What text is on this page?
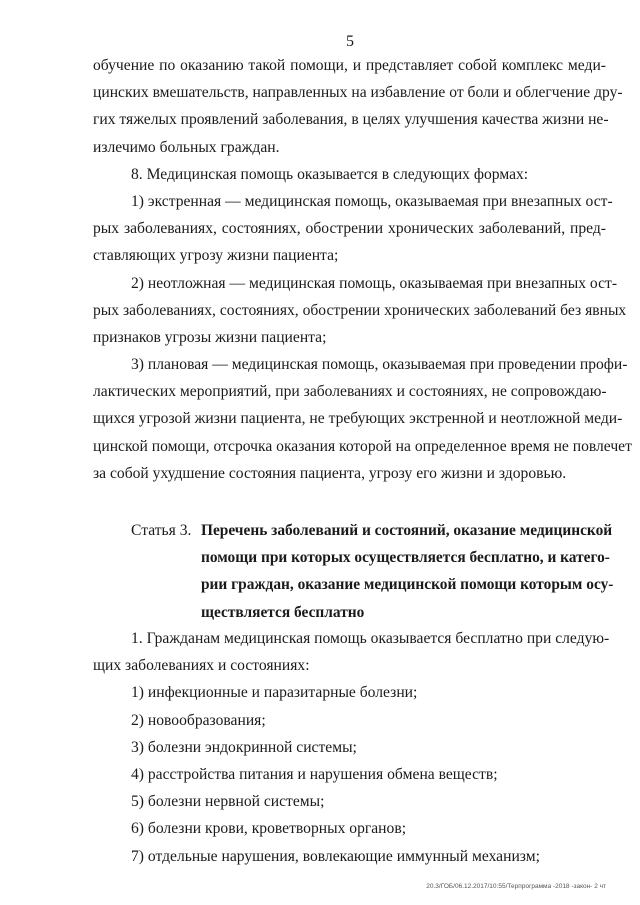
5
обучение по оказанию такой помощи, и представляет собой комплекс меди-
цинских вмешательств, направленных на избавление от боли и облегчение дру-
гих тяжелых проявлений заболевания, в целях улучшения качества жизни не-
излечимо больных граждан.
8. Медицинская помощь оказывается в следующих формах:
1) экстренная — медицинская помощь, оказываемая при внезапных ост-
рых заболеваниях, состояниях, обострении хронических заболеваний, пред-
ставляющих угрозу жизни пациента;
2) неотложная — медицинская помощь, оказываемая при внезапных ост-
рых заболеваниях, состояниях, обострении хронических заболеваний без явных
признаков угрозы жизни пациента;
3) плановая — медицинская помощь, оказываемая при проведении профи-
лактических мероприятий, при заболеваниях и состояниях, не сопровождаю-
щихся угрозой жизни пациента, не требующих экстренной и неотложной меди-
цинской помощи, отсрочка оказания которой на определенное время не повлечет
за собой ухудшение состояния пациента, угрозу его жизни и здоровью.
Статья 3. Перечень заболеваний и состояний, оказание медицинской
помощи при которых осуществляется бесплатно, и катего-
рии граждан, оказание медицинской помощи которым осу-
ществляется бесплатно
1. Гражданам медицинская помощь оказывается бесплатно при следую-
щих заболеваниях и состояниях:
1) инфекционные и паразитарные болезни;
2) новообразования;
3) болезни эндокринной системы;
4) расстройства питания и нарушения обмена веществ;
5) болезни нервной системы;
6) болезни крови, кроветворных органов;
7) отдельные нарушения, вовлекающие иммунный механизм;
20.3/ГОБ/06.12.2017/10:55/Терпрограмма -2018 -закон- 2 чт
